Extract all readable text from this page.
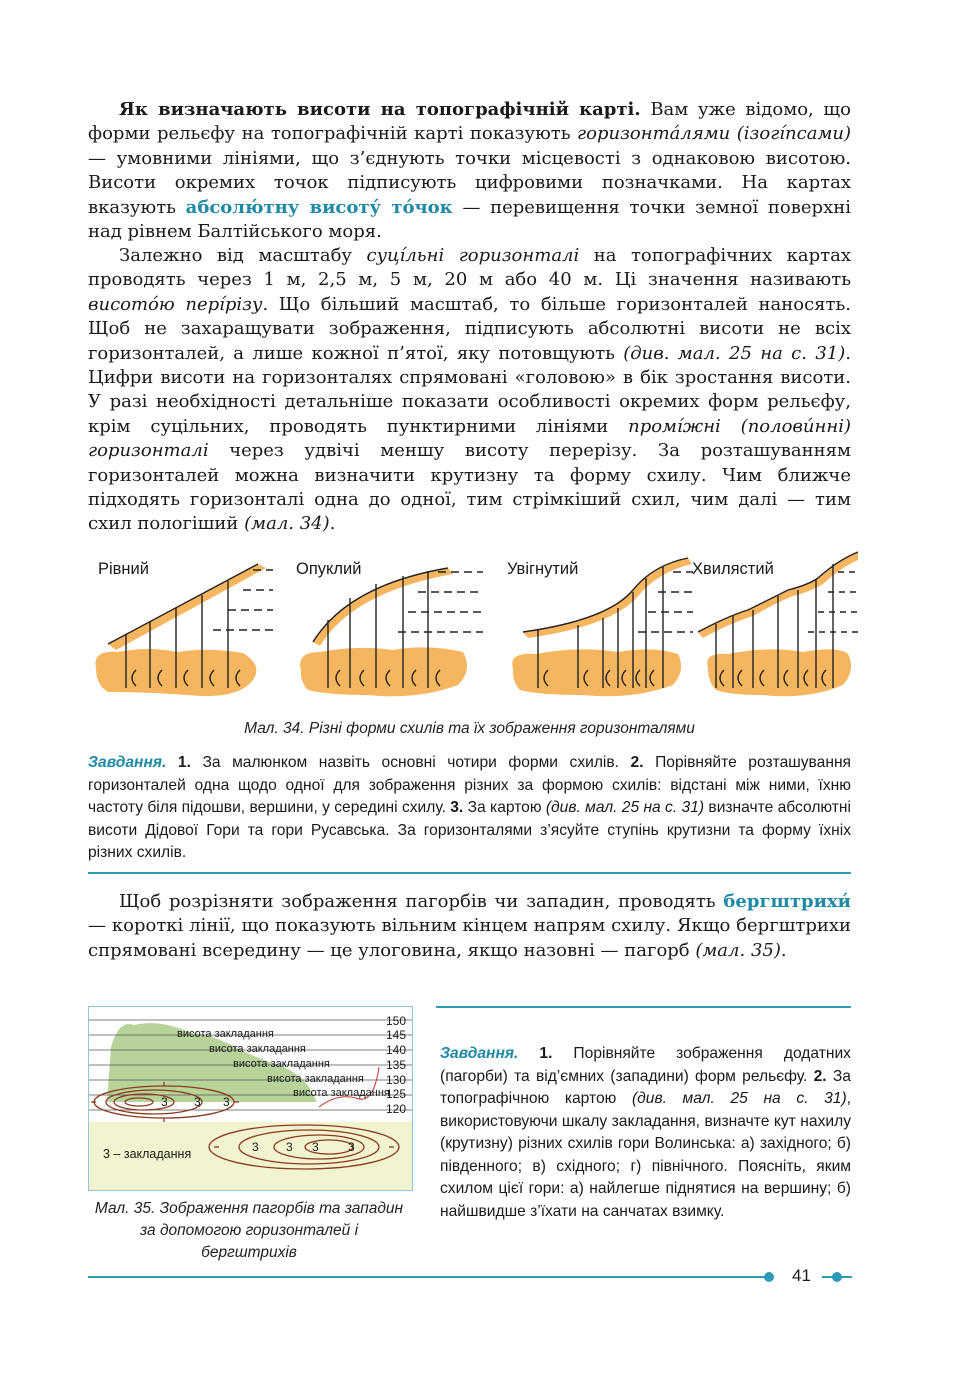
Як визначають висоти на топографічній карті. Вам уже відомо, що форми рельєфу на топографічній карті показують горизонта́лями (ізогі́псами) — умовними лініями, що з’єднують точки місцевості з однаковою висотою. Висоти окремих точок підписують цифровими позначками. На картах вказують абсолю́тну висоту́ то́чок — перевищення точки земної поверхні над рівнем Балтійського моря.
Залежно від масштабу суці́льні горизонталі на топографічних картах проводять через 1 м, 2,5 м, 5 м, 20 м або 40 м. Ці значення називають висото́ю пері́різу. Що більший масштаб, то більше горизонталей наносять. Щоб не захаращувати зображення, підписують абсолютні висоти не всіх горизонталей, а лише кожної п’ятої, яку потовщують (див. мал. 25 на с. 31). Цифри висоти на горизонталях спрямовані «головою» в бік зростання висоти. У разі необхідності детальніше показати особливості окремих форм рельєфу, крім суцільних, проводять пунктирними лініями промі́жні (полови́нні) горизонталі через удвічі меншу висоту перерізу. За розташуванням горизонталей можна визначити крутизну та форму схилу. Чим ближче підходять горизонталі одна до одної, тим стрімкіший схил, чим далі — тим схил пологіший (мал. 34).
Рівний	Опуклий	Увігнутий	Хвилястий
Мал. 34. Різні форми схилів та їх зображення горизонталями
Завдання. 1. За малюнком назвіть основні чотири форми схилів. 2. Порівняйте розташування горизонталей одна щодо одної для зображення різних за формою схилів: відстані між ними, їхню частоту біля підошви, вершини, у середині схилу. 3. За картою (див. мал. 25 на с. 31) визначте абсолютні висоти Дідової Гори та гори Русавська. За горизонталями з’ясуйте ступінь крутизни та форму їхніх різних схилів.
Щоб розрізняти зображення пагорбів чи западин, проводять бергштрихи́ — короткі лінії, що показують вільним кінцем напрям схилу. Якщо бергштрихи спрямовані всередину — це улоговина, якщо назовні — пагорб (мал. 35).
150
145
140
135
130
125
120
висота закладання
висота закладання
висота закладання
висота закладання
висота закладання
3 3 3
3 3 3 3
3 – закладання
Мал. 35. Зображення пагорбів та западин за допомогою горизонталей і бергштрихів
Завдання. 1. Порівняйте зображення додатних (пагорби) та від’ємних (западини) форм рельєфу. 2. За топографічною картою (див. мал. 25 на с. 31), використовуючи шкалу закладання, визначте кут нахилу (крутизну) різних схилів гори Волинська: а) західного; б) південного; в) східного; г) північного. Поясніть, яким схилом цієї гори: а) найлегше піднятися на вершину; б) найшвидше з’їхати на санчатах взимку.
41
